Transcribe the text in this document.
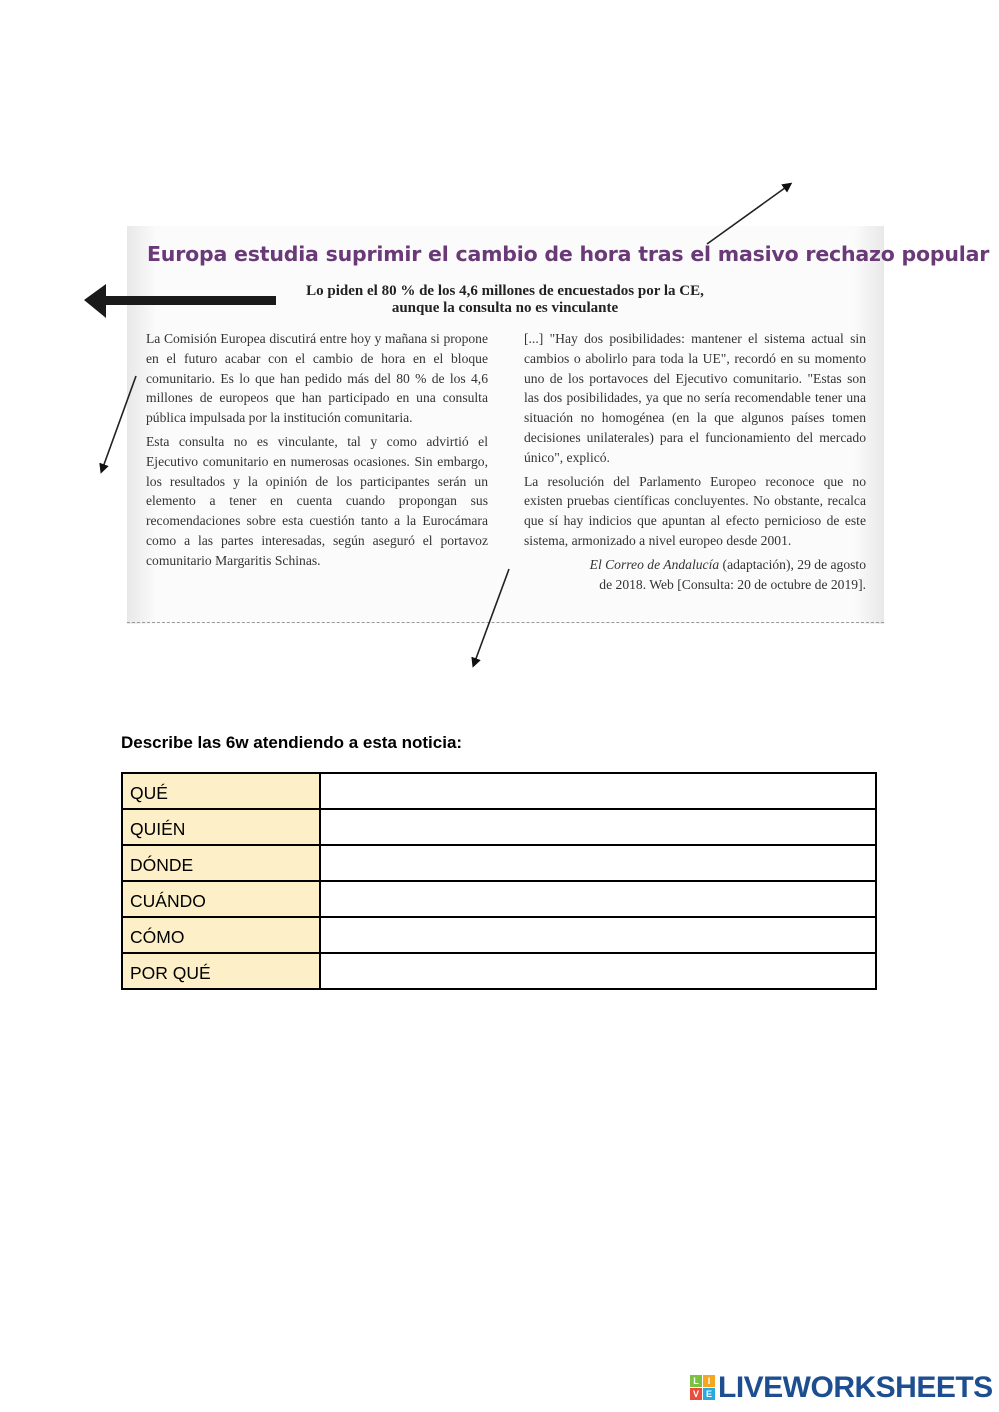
Europa estudia suprimir el cambio de hora tras el masivo rechazo popular
Lo piden el 80 % de los 4,6 millones de encuestados por la CE,
aunque la consulta no es vinculante

La Comisión Europea discutirá entre hoy y mañana si propone en el futuro acabar con el cambio de hora en el bloque comunitario. Es lo que han pedido más del 80 % de los 4,6 millones de europeos que han participado en una consulta pública impulsada por la institución comunitaria.

Esta consulta no es vinculante, tal y como advirtió el Ejecutivo comunitario en numerosas ocasiones. Sin embargo, los resultados y la opinión de los participantes serán un elemento a tener en cuenta cuando propongan sus recomendaciones sobre esta cuestión tanto a la Eurocámara como a las partes interesadas, según aseguró el portavoz comunitario Margaritis Schinas.

[...] "Hay dos posibilidades: mantener el sistema actual sin cambios o abolirlo para toda la UE", recordó en su momento uno de los portavoces del Ejecutivo comunitario. "Estas son las dos posibilidades, ya que no sería recomendable tener una situación no homogénea (en la que algunos países tomen decisiones unilaterales) para el funcionamiento del mercado único", explicó.

La resolución del Parlamento Europeo reconoce que no existen pruebas científicas concluyentes. No obstante, recalca que sí hay indicios que apuntan al efecto pernicioso de este sistema, armonizado a nivel europeo desde 2001.

El Correo de Andalucía (adaptación), 29 de agosto
de 2018. Web [Consulta: 20 de octubre de 2019].
Describe las 6w atendiendo a esta noticia:
QUÉ	
QUIÉN	
DÓNDE	
CUÁNDO	
CÓMO	
POR QUÉ	
L I
V E LIVEWORKSHEETS
